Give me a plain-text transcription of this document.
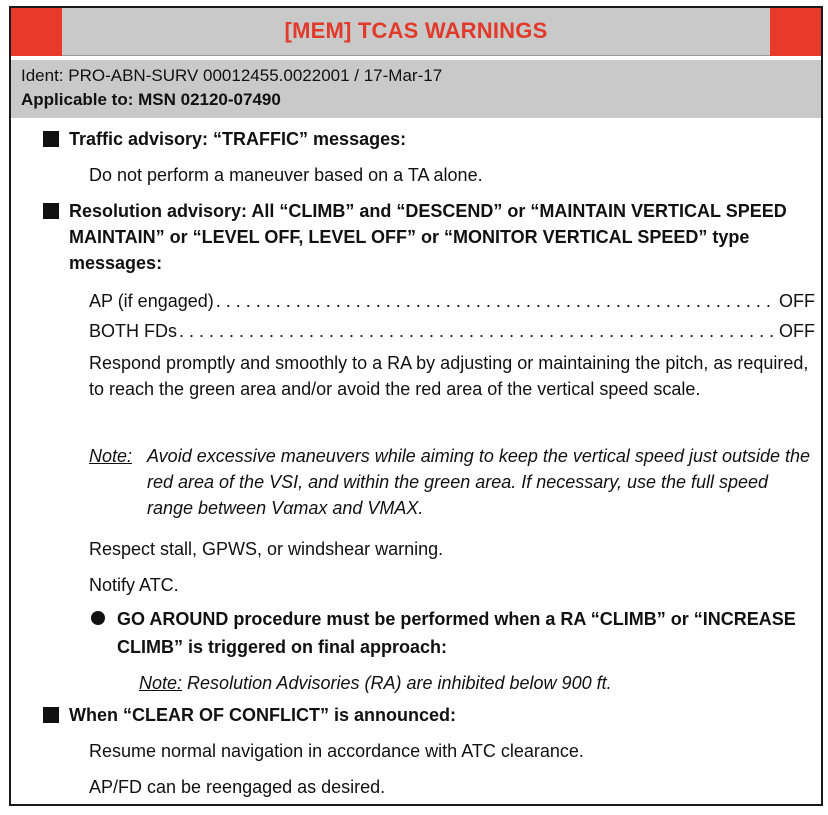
[MEM] TCAS WARNINGS
Ident: PRO-ABN-SURV 00012455.0022001 / 17-Mar-17
Applicable to: MSN 02120-07490
Traffic advisory: “TRAFFIC” messages:
Do not perform a maneuver based on a TA alone.
Resolution advisory: All “CLIMB” and “DESCEND” or “MAINTAIN VERTICAL SPEED MAINTAIN” or “LEVEL OFF, LEVEL OFF” or “MONITOR VERTICAL SPEED” type messages:
AP (if engaged) . . .	OFF
BOTH FDs . . .	OFF
Respond promptly and smoothly to a RA by adjusting or maintaining the pitch, as required, to reach the green area and/or avoid the red area of the vertical speed scale.
Note: Avoid excessive maneuvers while aiming to keep the vertical speed just outside the red area of the VSI, and within the green area. If necessary, use the full speed range between Vαmax and VMAX.
Respect stall, GPWS, or windshear warning.
Notify ATC.
GO AROUND procedure must be performed when a RA “CLIMB” or “INCREASE CLIMB” is triggered on final approach:
Note: Resolution Advisories (RA) are inhibited below 900 ft.
When “CLEAR OF CONFLICT” is announced:
Resume normal navigation in accordance with ATC clearance.
AP/FD can be reengaged as desired.
